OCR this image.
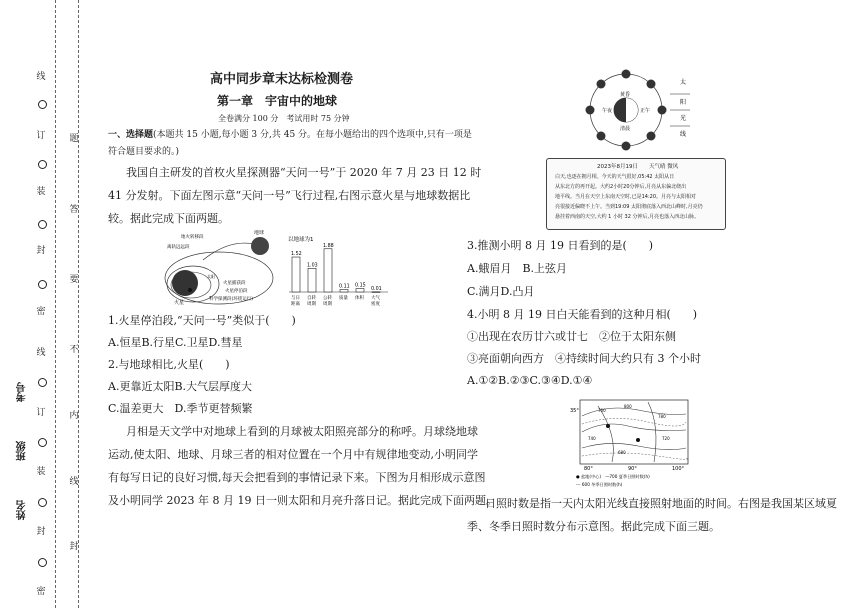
线
装
订
封
密
线
订
装
封
密
题
答
要
不
内
线
封
考号
班级
姓名
高中同步章末达标检测卷
第一章　宇宙中的地球
全卷满分 100 分　考试用时 75 分钟
一、选择题(本题共 15 小题,每小题 3 分,共 45 分。在每小题给出的四个选项中,只有一项是
符合题目要求的。)
我国自主研发的首枚火星探测器“天问一号”于 2020 年 7 月 23 日 12 时
41 分发射。下面左图示意“天问一号”飞行过程,右图示意火星与地球数据比
较。据此完成下面两题。
地球
火星
太阳
地火转移段
离轨远远段
火星捕获段
火星停泊段
科学探测段(环绕运行)
以地球为1
1.52
与日距离
1.03
自转周期
1.88
公转周期
0.11
质量
0.15
体积
0.01
大气密度
1.火星停泊段,“天问一号”类似于(　　)
A.恒星B.行星C.卫星D.彗星
2.与地球相比,火星(　　)
A.更靠近太阳B.大气层厚度大
C.温差更大　D.季节更替频繁
月相是天文学中对地球上看到的月球被太阳照亮部分的称呼。月球绕地球
运动,使太阳、地球、月球三者的相对位置在一个月中有规律地变动,小明同学
有每写日记的良好习惯,每天会把看到的事情记录下来。下图为月相形成示意图
及小明同学 2023 年 8 月 19 日一则太阳和月亮升落日记。据此完成下面两题。
黄昏
正午
午夜
清晨
太
阳
光
线
2023年8月19日　　天气晴 微风
白天,也逐在拥月相。今天的天气很好,05:42 太阳从日
从东北方的再开起。大约2小时20分钟后,月亮从东偏北绕出
地平线。当月在天空上东南天空时,已是14:20。月亮与太阳相对
亮很接近偏晓不上午。当到19:09 太阳彻底落入西北山峰时,月亮仍
悬挂着西南的天空,大约 1 小时 32 分钟后,月亮也落入西北山脉。
3.推测小明 8 月 19 日看到的是(　　)
A.蛾眉月　B.上弦月
C.满月D.凸月
4.小明 8 月 19 日白天能看到的这种月相(　　)
①出现在农历廿六或廿七　②位于太阳东侧
③亮面朝向西方　④持续时间大约只有 3 个小时
A.①②B.②③C.③④D.①④
35°
80°	90°	100°
760
800
780
740	720
680
● 盆地(中心)　—700 夏季日照时数(h)
--- 600 冬季日照时数(h)
日照时数是指一天内太阳光线直接照射地面的时间。右图是我国某区域夏
季、冬季日照时数分布示意图。据此完成下面三题。
